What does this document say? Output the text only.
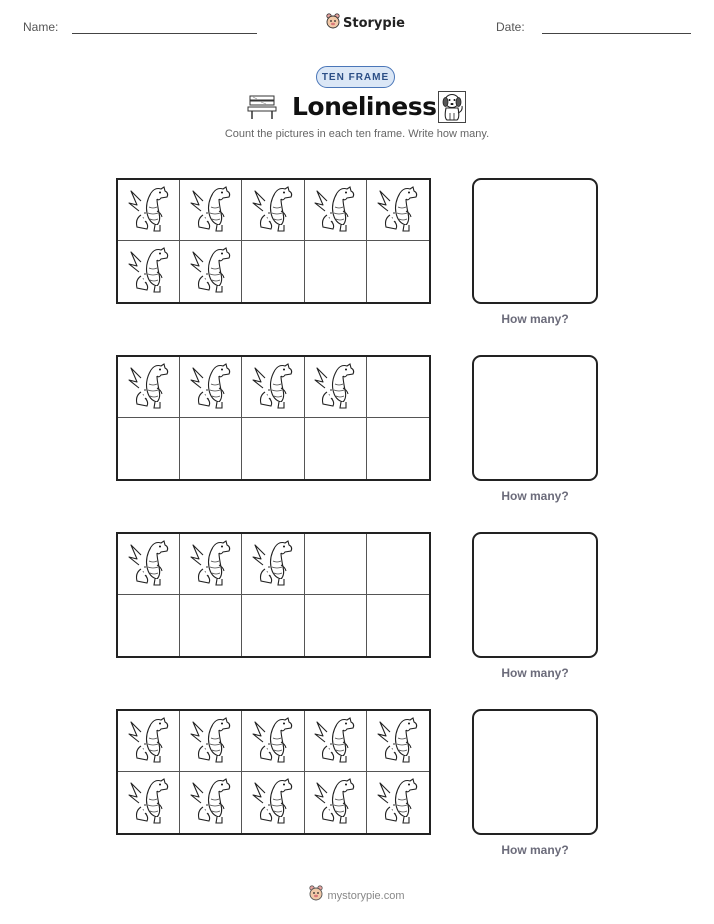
Name:	Storypie	Date:
TEN FRAME
Loneliness
Count the pictures in each ten frame. Write how many.
How many?
How many?
How many?
How many?
mystorypie.com
